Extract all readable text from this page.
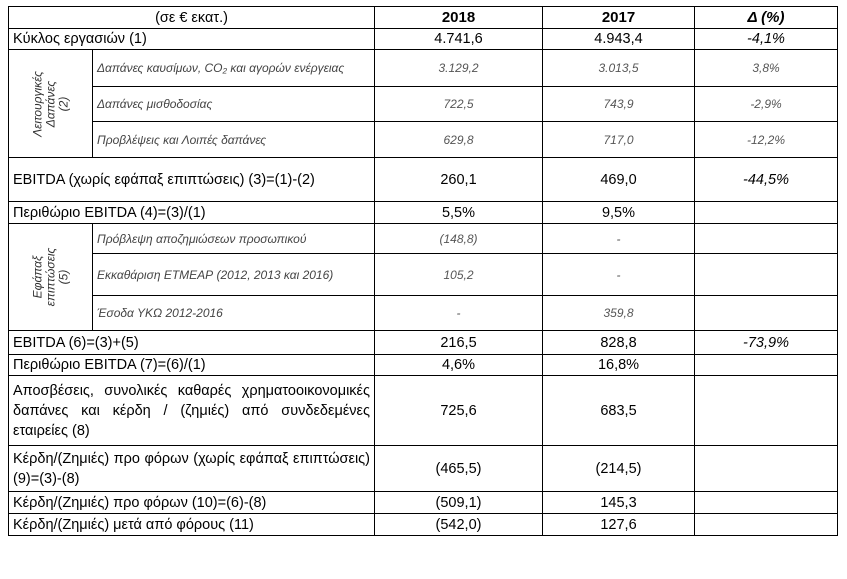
(σε € εκατ.)		2018	2017	Δ (%)
Κύκλος εργασιών (1)		4.741,6	4.943,4	-4,1%

Λειτουργικές Δαπάνες (2)	Δαπάνες καυσίμων, CO₂ και αγορών ενέργειας	3.129,2	3.013,5	3,8%
	Δαπάνες μισθοδοσίας	722,5	743,9	-2,9%
	Προβλέψεις και Λοιπές δαπάνες	629,8	717,0	-12,2%
EBITDA (χωρίς εφάπαξ επιπτώσεις) (3)=(1)-(2)		260,1	469,0	-44,5%
Περιθώριο EBITDA (4)=(3)/(1)		5,5%	9,5%	

Εφάπαξ επιπτώσεις (5)	Πρόβλεψη αποζημιώσεων προσωπικού	(148,8)	-	
	Εκκαθάριση ΕΤΜΕΑΡ (2012, 2013 και 2016)	105,2	-	
	Έσοδα ΥΚΩ 2012-2016	-	359,8	
EBITDA (6)=(3)+(5)		216,5	828,8	-73,9%
Περιθώριο EBITDA (7)=(6)/(1)		4,6%	16,8%	
Αποσβέσεις, συνολικές καθαρές χρηματοοικονομικές δαπάνες και κέρδη / (ζημιές) από συνδεδεμένες εταιρείες (8)		725,6	683,5	
Κέρδη/(Ζημιές) προ φόρων (χωρίς εφάπαξ επιπτώσεις) (9)=(3)-(8)		(465,5)	(214,5)	
Κέρδη/(Ζημιές) προ φόρων (10)=(6)-(8)		(509,1)	145,3	
Κέρδη/(Ζημιές) μετά από φόρους (11)		(542,0)	127,6	
